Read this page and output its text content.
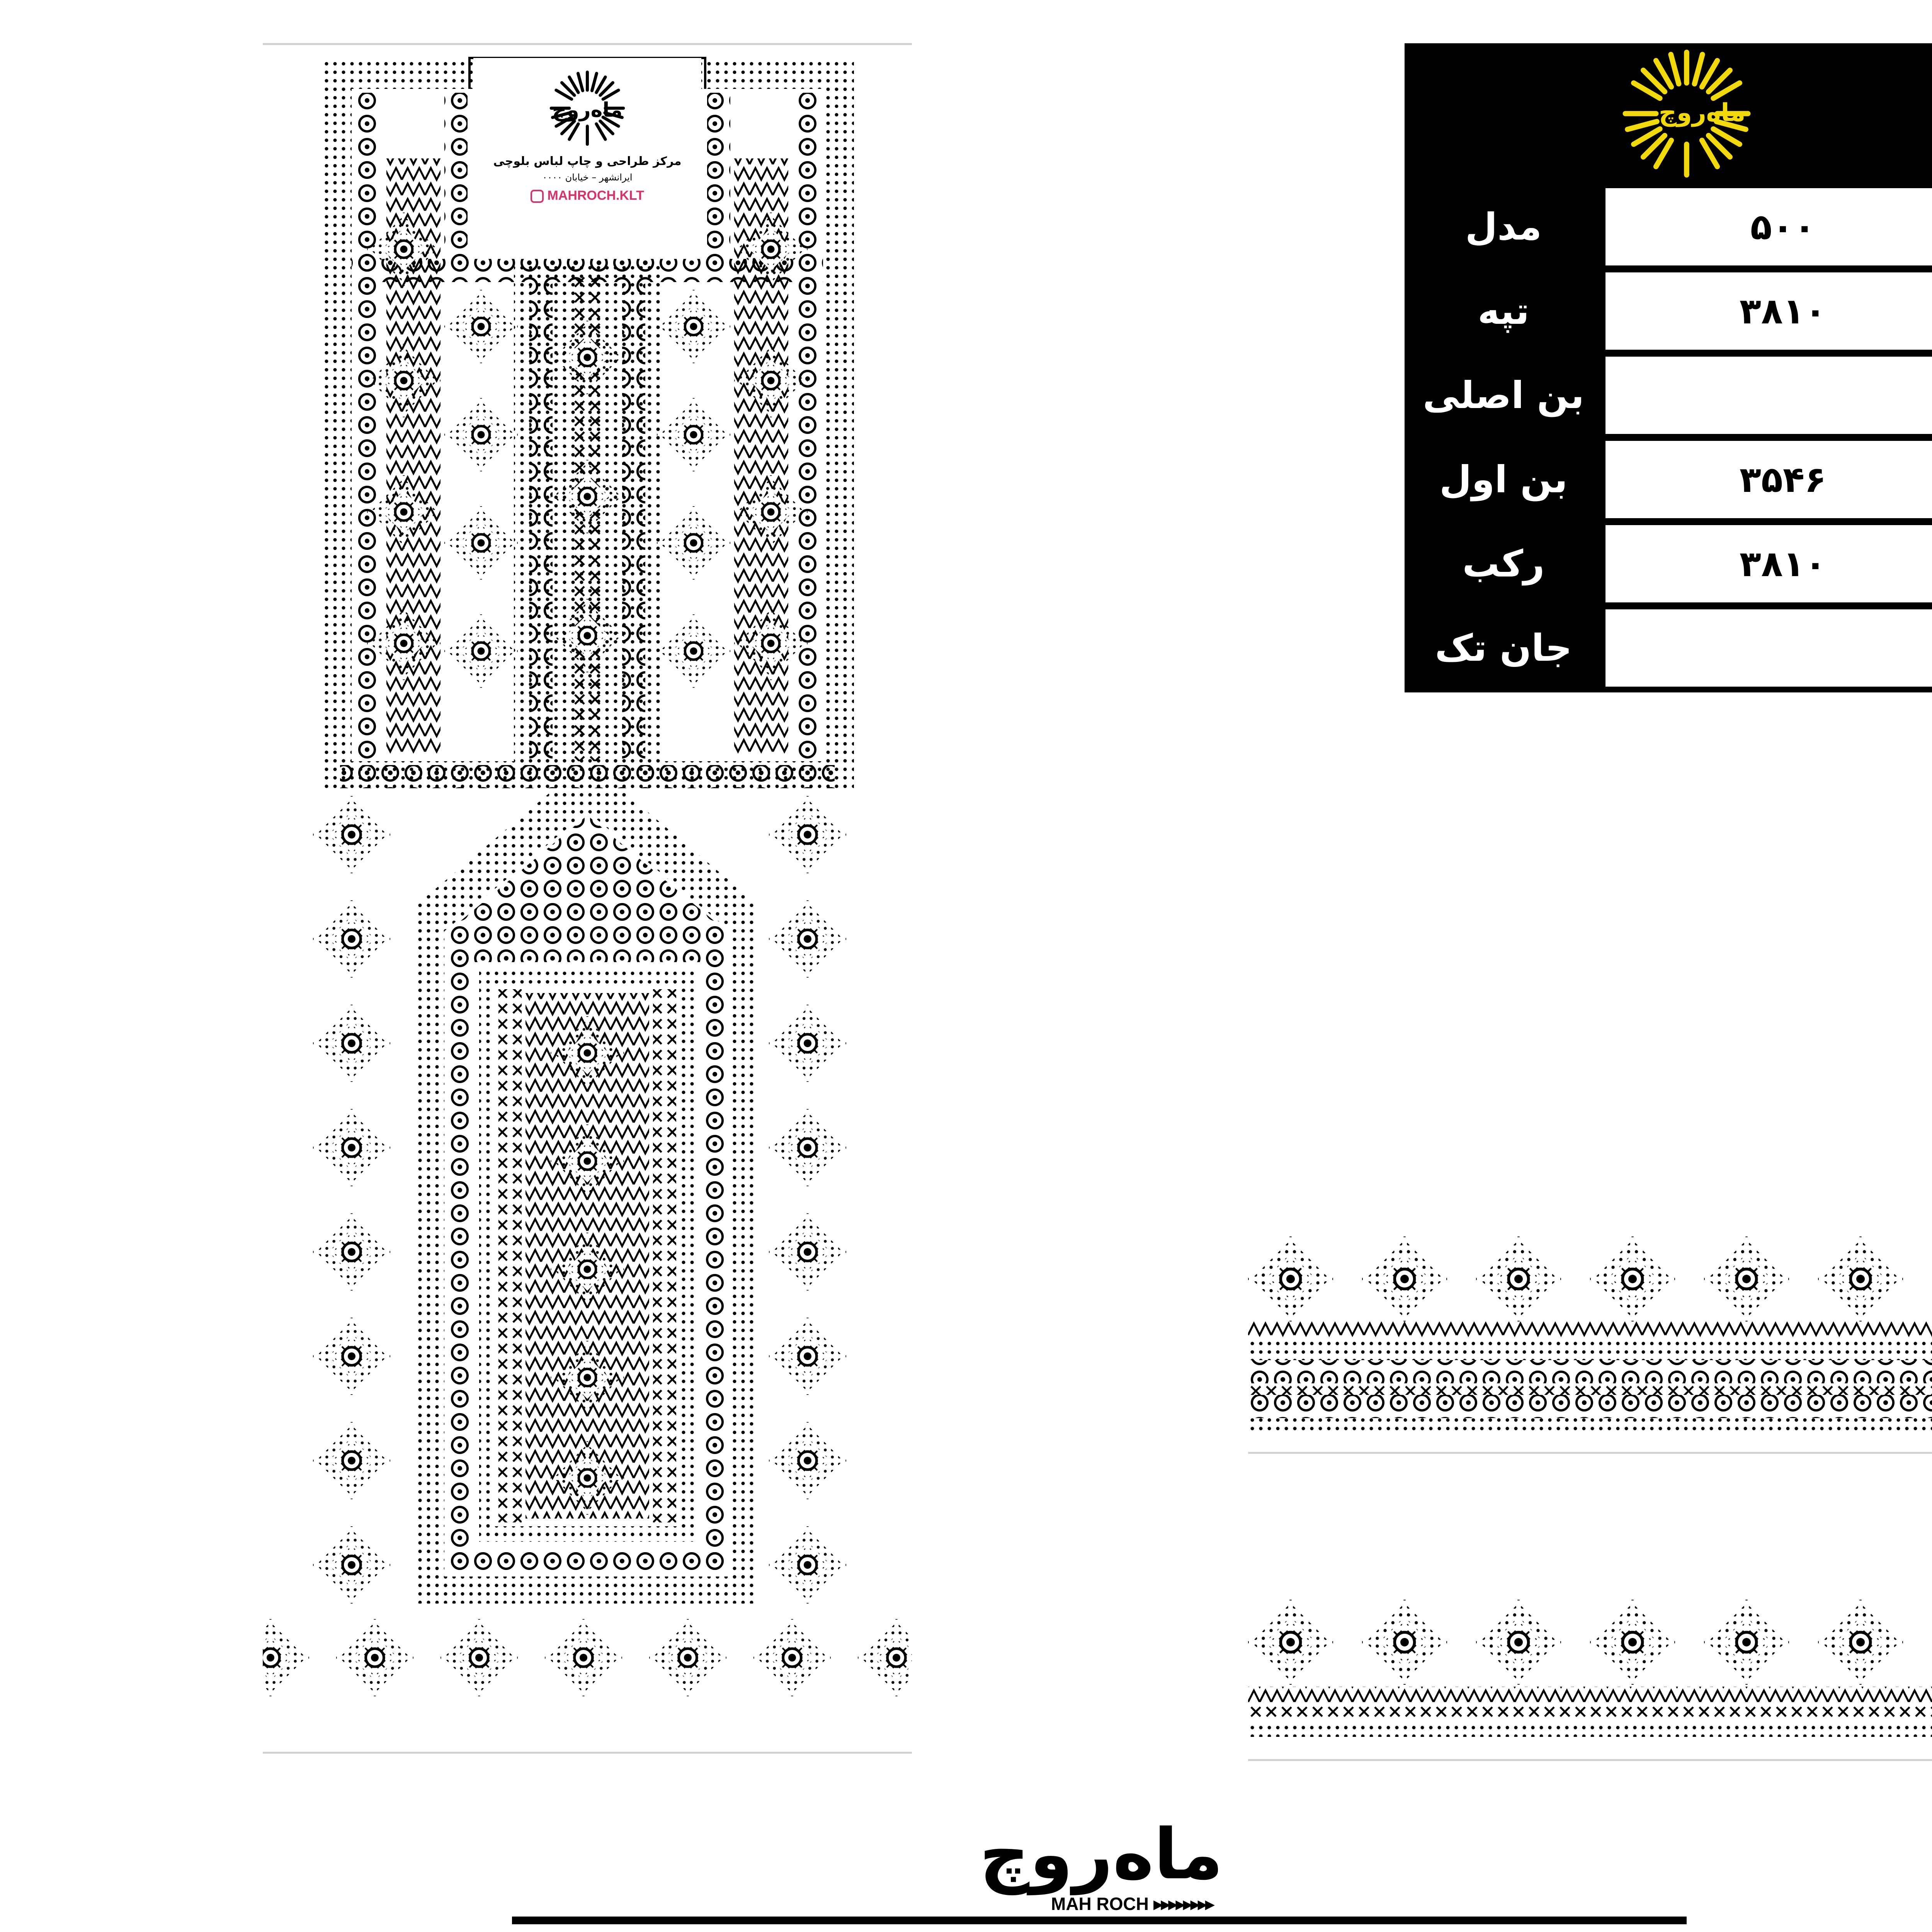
ماه‌روچ
مرکز طراحی و چاپ لباس بلوچی
ایرانشهر – خیابان ۰۰۰۰
MAHROCH.KLT
ماه‌روچ
مدل	۵۰۰
تپه	۳۸۱۰
بن اصلی
بن اول	۳۵۴۶
رکب	۳۸۱۰
جان تک
ماه‌روچ
MAH ROCH ▸▸▸▸▸▸▸▸
